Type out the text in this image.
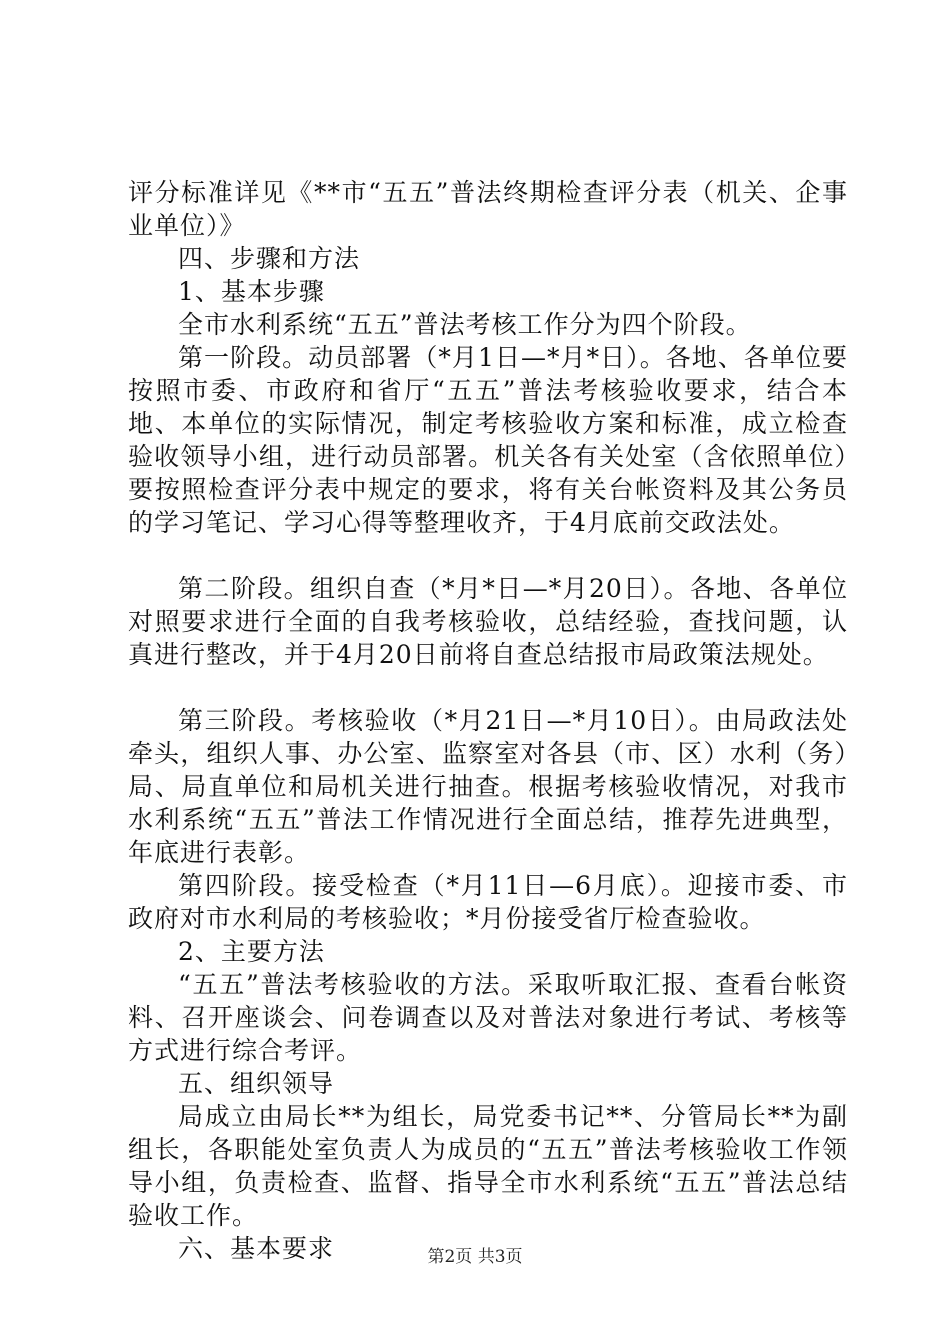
评分标准详见《**市“五五”普法终期检查评分表（机关、企事业单位）》

四、步骤和方法

1、基本步骤

全市水利系统“五五”普法考核工作分为四个阶段。

第一阶段。动员部署（*月1日—*月*日）。各地、各单位要按照市委、市政府和省厅“五五”普法考核验收要求，结合本地、本单位的实际情况，制定考核验收方案和标准，成立检查验收领导小组，进行动员部署。机关各有关处室（含依照单位）要按照检查评分表中规定的要求，将有关台帐资料及其公务员的学习笔记、学习心得等整理收齐，于4月底前交政法处。

第二阶段。组织自查（*月*日—*月20日）。各地、各单位对照要求进行全面的自我考核验收，总结经验，查找问题，认真进行整改，并于4月20日前将自查总结报市局政策法规处。

第三阶段。考核验收（*月21日—*月10日）。由局政法处牵头，组织人事、办公室、监察室对各县（市、区）水利（务）局、局直单位和局机关进行抽查。根据考核验收情况，对我市水利系统“五五”普法工作情况进行全面总结，推荐先进典型，年底进行表彰。

第四阶段。接受检查（*月11日—6月底）。迎接市委、市政府对市水利局的考核验收；*月份接受省厅检查验收。

2、主要方法

“五五”普法考核验收的方法。采取听取汇报、查看台帐资料、召开座谈会、问卷调查以及对普法对象进行考试、考核等方式进行综合考评。

五、组织领导

局成立由局长**为组长，局党委书记**、分管局长**为副组长，各职能处室负责人为成员的“五五”普法考核验收工作领导小组，负责检查、监督、指导全市水利系统“五五”普法总结验收工作。

六、基本要求	第2页 共3页
